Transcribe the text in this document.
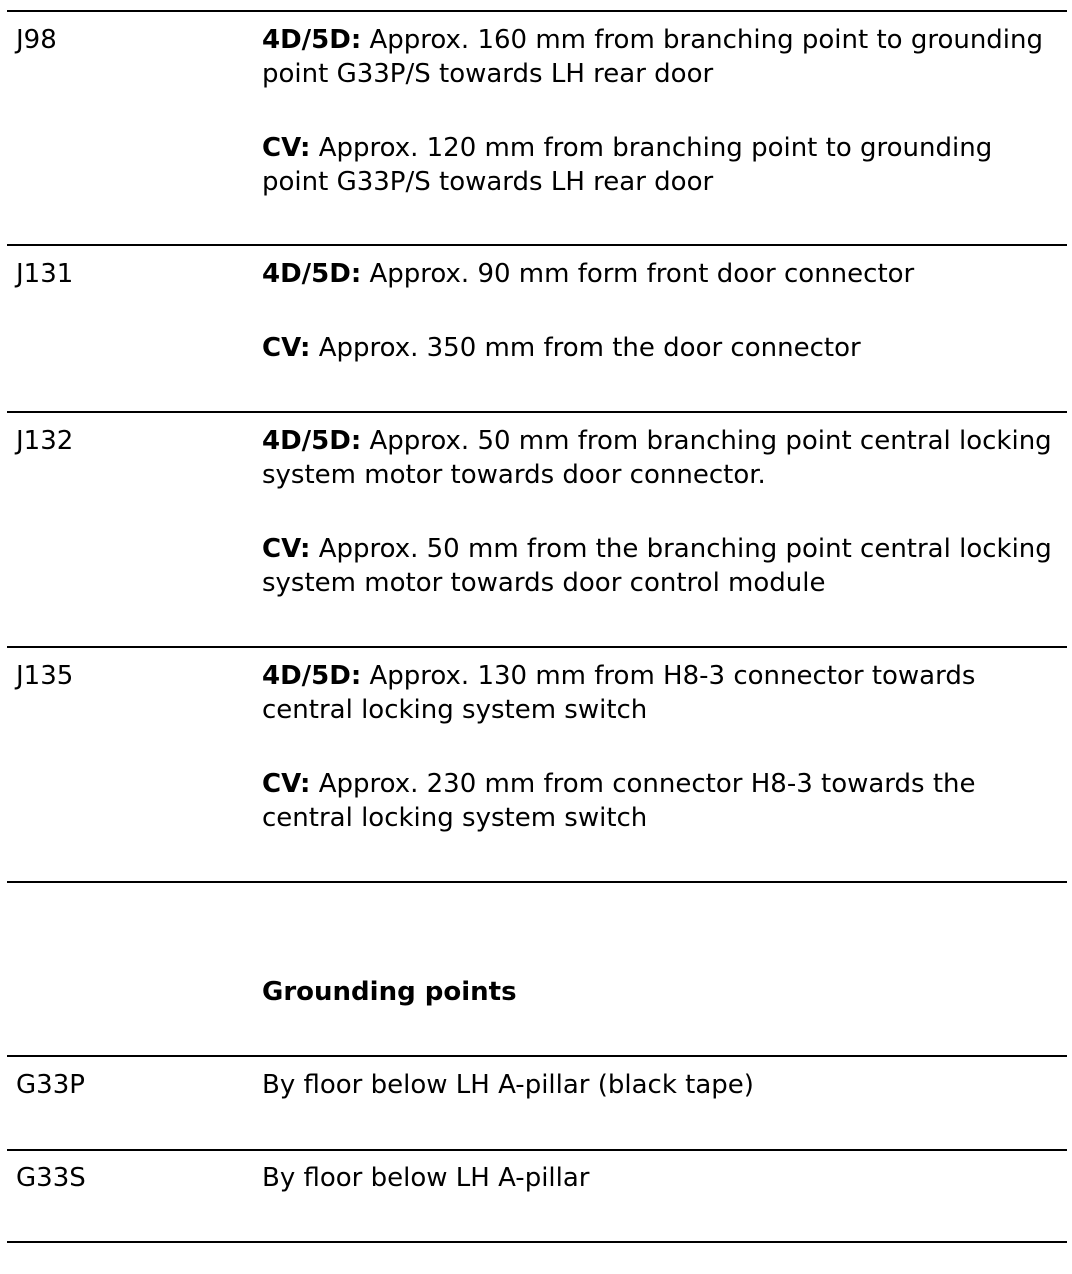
J98	4D/5D: Approx. 160 mm from branching point to grounding point G33P/S towards LH rear door

CV: Approx. 120 mm from branching point to grounding point G33P/S towards LH rear door

J131	4D/5D: Approx. 90 mm form front door connector

CV: Approx. 350 mm from the door connector

J132	4D/5D: Approx. 50 mm from branching point central locking system motor towards door connector.

CV: Approx. 50 mm from the branching point central locking system motor towards door control module

J135	4D/5D: Approx. 130 mm from H8-3 connector towards central locking system switch

CV: Approx. 230 mm from connector H8-3 towards the central locking system switch

Grounding points
G33P	By floor below LH A-pillar (black tape)
G33S	By floor below LH A-pillar
